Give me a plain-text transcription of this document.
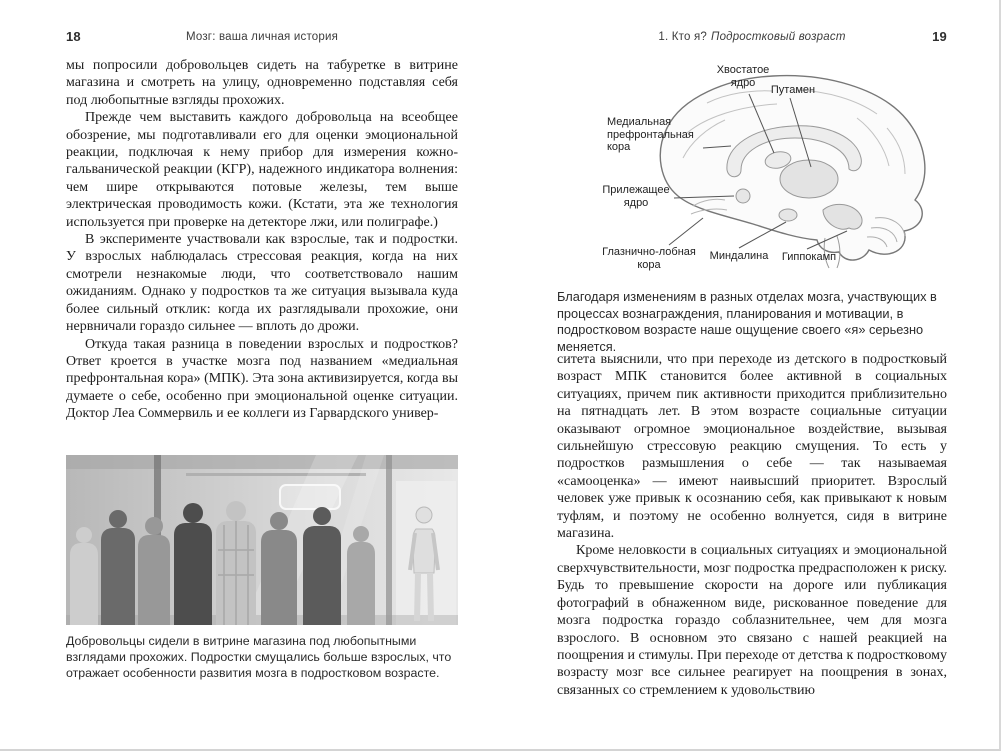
18	Мозг: ваша личная история

мы попросили добровольцев сидеть на табуретке в витрине магазина и смотреть на улицу, одновременно подставляя себя под любопытные взгляды прохожих.

Прежде чем выставить каждого добровольца на всеобщее обозрение, мы подготавливали его для оценки эмоциональной реакции, подключая к нему прибор для измерения кожно-гальванической реакции (КГР), надежного индикатора волнения: чем шире открываются потовые железы, тем выше электрическая проводимость кожи. (Кстати, эта же технология используется при проверке на детекторе лжи, или полиграфе.)

В эксперименте участвовали как взрослые, так и подростки. У взрослых наблюдалась стрессовая реакция, когда на них смотрели незнакомые люди, что соответствовало нашим ожиданиям. Однако у подростков та же ситуация вызывала куда более сильный отклик: когда их разглядывали прохожие, они нервничали гораздо сильнее — вплоть до дрожи.

Откуда такая разница в поведении взрослых и подростков? Ответ кроется в участке мозга под названием «медиальная префронтальная кора» (МПК). Эта зона активизируется, когда вы думаете о себе, особенно при эмоциональной оценке ситуации. Доктор Леа Соммервиль и ее коллеги из Гарвардского универ-

Добровольцы сидели в витрине магазина под любопытными взглядами прохожих. Подростки смущались больше взрослых, что отражает особенности развития мозга в подростковом возрасте.
1. Кто я? Подростковый возраст	19
Медиальная префронтальная кора
Хвостатое ядро
Путамен
Прилежащее ядро
Глазнично-лобная кора
Миндалина	Гиппокамп
Благодаря изменениям в разных отделах мозга, участвующих в процессах вознаграждения, планирования и мотивации, в подростковом возрасте наше ощущение своего «я» серьезно меняется.

ситета выяснили, что при переходе из детского в подростковый возраст МПК становится более активной в социальных ситуациях, причем пик активности приходится приблизительно на пятнадцать лет. В этом возрасте социальные ситуации оказывают огромное эмоциональное воздействие, вызывая сильнейшую стрессовую реакцию смущения. То есть у подростков размышления о себе — так называемая «самооценка» — имеют наивысший приоритет. Взрослый человек уже привык к осознанию себя, как привыкают к новым туфлям, и поэтому не особенно волнуется, сидя в витрине магазина.

Кроме неловкости в социальных ситуациях и эмоциональной сверхчувствительности, мозг подростка предрасположен к риску. Будь то превышение скорости на дороге или публикация фотографий в обнаженном виде, рискованное поведение для мозга подростка гораздо соблазнительнее, чем для мозга взрослого. В основном это связано с нашей реакцией на поощрения и стимулы. При переходе от детства к подростковому возрасту мозг все сильнее реагирует на поощрения в зонах, связанных со стремлением к удовольствию
